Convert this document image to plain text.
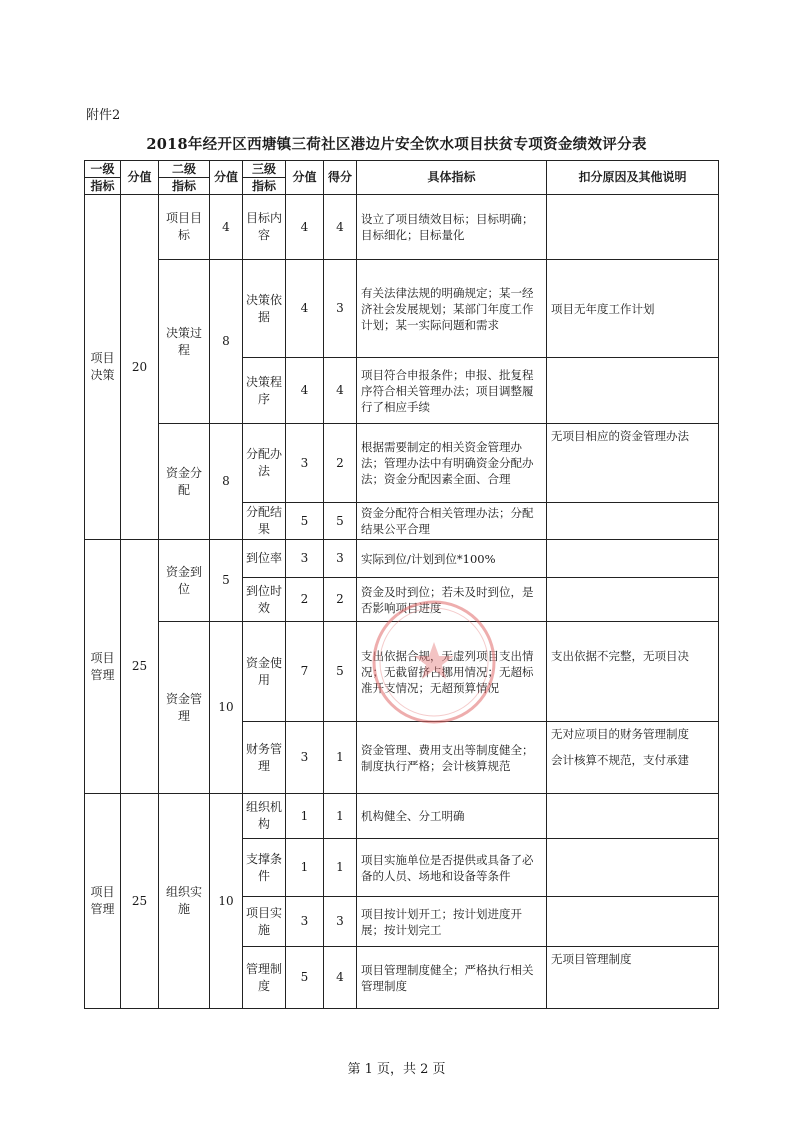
附件2
2018年经开区西塘镇三荷社区港边片安全饮水项目扶贫专项资金绩效评分表
一级	分值	二级	分值	三级	分值	得分	具体指标	扣分原因及其他说明
指标		指标		指标				
项目决策	20	项目目标	4	目标内容	4	4	设立了项目绩效目标；目标明确；目标细化；目标量化	
		决策过程	8	决策依据	4	3	有关法律法规的明确规定；某一经济社会发展规划；某部门年度工作计划；某一实际问题和需求	项目无年度工作计划
				决策程序	4	4	项目符合申报条件；申报、批复程序符合相关管理办法；项目调整履行了相应手续	
		资金分配	8	分配办法	3	2	根据需要制定的相关资金管理办法；管理办法中有明确资金分配办法；资金分配因素全面、合理	无项目相应的资金管理办法
				分配结果	5	5	资金分配符合相关管理办法；分配结果公平合理	
项目管理	25	资金到位	5	到位率	3	3	实际到位/计划到位*100%	
				到位时效	2	2	资金及时到位；若未及时到位，是否影响项目进度	
		资金管理	10	资金使用	7	5	支出依据合规，无虚列项目支出情况；无截留挤占挪用情况；无超标准开支情况；无超预算情况	支出依据不完整，无项目决
				财务管理	3	1	资金管理、费用支出等制度健全；制度执行严格；会计核算规范	无对应项目的财务管理制度
会计核算不规范，支付承建

项目管理	25	组织实施	10	组织机构	1	1	机构健全、分工明确	
				支撑条件	1	1	项目实施单位是否提供或具备了必备的人员、场地和设备等条件	
				项目实施	3	3	项目按计划开工；按计划进度开展；按计划完工	
				管理制度	5	4	项目管理制度健全；严格执行相关管理制度	无项目管理制度
第 1 页，共 2 页
